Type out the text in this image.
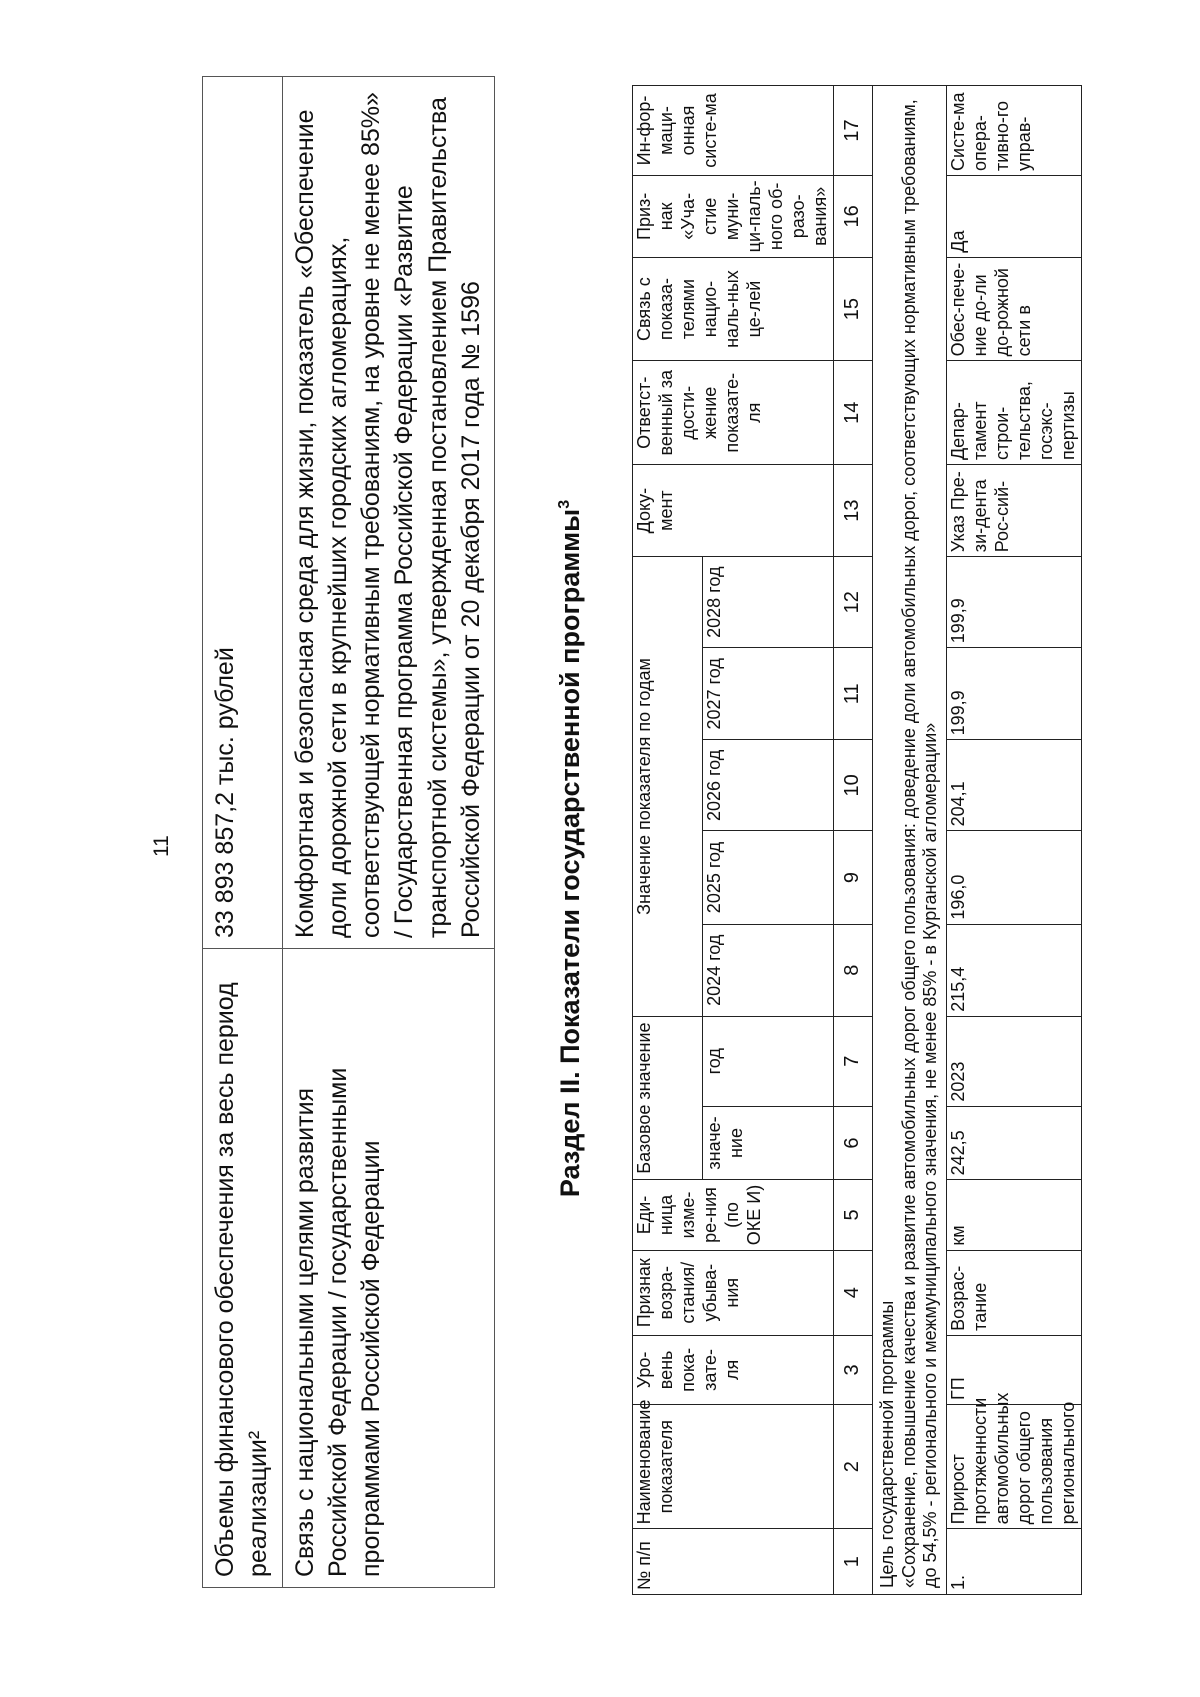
11
Объемы финансового обеспечения за весь период реализации²	33 893 857,2 тыс. рублей
Связь с национальными целями развития Российской Федерации / государственными программами Российской Федерации	Комфортная и безопасная среда для жизни, показатель «Обеспечение доли дорожной сети в крупнейших городских агломерациях, соответствующей нормативным требованиям, на уровне не менее 85%» / Государственная программа Российской Федерации «Развитие транспортной системы», утвержденная постановлением Правительства Российской Федерации от 20 декабря 2017 года № 1596	Раздел II. Показатели государственной программы$^3$
№ п/п	Наименование показателя	Уро-вень пока-зате-ля	Признак возра-стания/ убыва-ния	Еди-ница изме-ре-ния (по ОКЕ И)	Базовое значение		Значение показателя по годам					Доку-мент	Ответст-венный за дости-жение показате-ля	Связь с показа-телями нацио-наль-ных це-лей	Приз-нак «Уча-стие муни-ци-паль-ного об-разо-вания»	Ин-фор-маци-онная систе-ма
					значе-ние	год	2024 год	2025 год	2026 год	2027 год	2028 год					
1	2	3	4	5	6	7	8	9	10	11	12	13	14	15	16	17

Цель государственной программы «Сохранение, повышение качества и развитие автомобильных дорог общего пользования: доведение доли автомобильных дорог, соответствующих нормативным требованиям, до 54,5% - регионального и межмуниципального значения, не менее 85% - в Курганской агломерации»																

1.	Прирост протяженности автомобильных дорог общего пользования регионального	ГП	Возрас-тание	км	242,5	2023	215,4	196,0	204,1	199,9	199,9	Указ Пре-зи-дента Рос-сий-	Депар-тамент строи-тельства, госэкс-пертизы	Обес-пече-ние до-ли до-рожной сети в	Да	Систе-ма опера-тивно-го управ-
